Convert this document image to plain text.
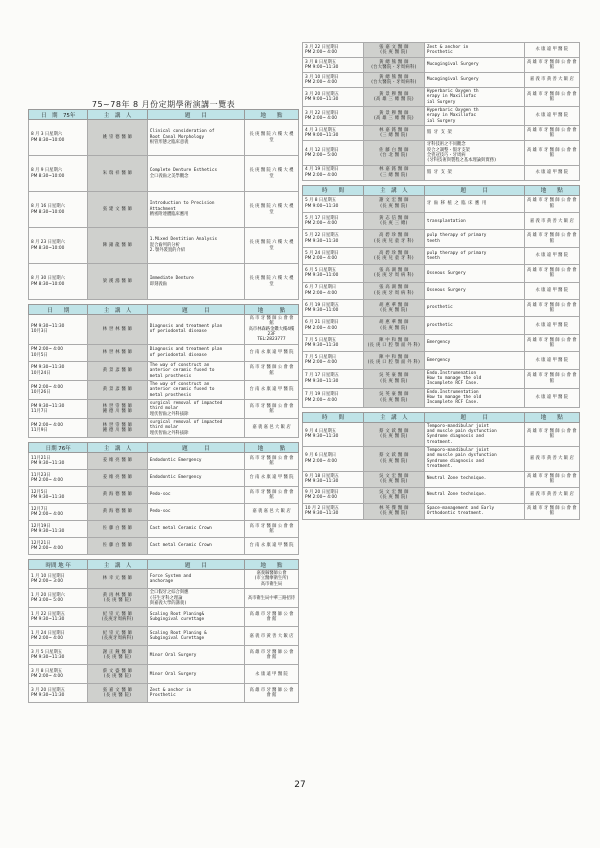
75~78年 8 月份定期學術演講一覽表
日　期　75年	主　講　人	題　　目	地　　點
8 月 3 日星期六
PM 8:30~10:00	姚 崇 德 醫 師	Clinical consideration of
Root Canal Morphology
根管形態之臨床意義	長 庚 醫 院 六 樓 大 禮 堂
8 月 9 日星期六
PM 8:30~10:00	朱 瑞 祥 醫 師	Complete Denture Esthetics
全口義齒之美學觀念	長 庚 醫 院 六 樓 大 禮 堂
8 月 16 日星期六
PM 8:30~10:00	張 建 文 醫 師	Introduction to Precision
Attachment
精密附連體臨床應用	長 庚 醫 院 六 樓 大 禮 堂
8 月 23 日星期六
PM 8:30~10:00	陳 錦 龍 醫 師	1.Mixed Dentition Analysis
混合齒列的分析
2.顎外裝置的介紹	長 庚 醫 院 六 樓 大 禮 堂
8 月 30 日星期六
PM 8:30~10:00	梁 漢 鴻 醫 師	Immediate Denture
即刻義齒	長 庚 醫 院 六 樓 大 禮 堂
日　　期	主　講　人	題　　　目	地　　　點
PM 9:30~11:30
10月3日	林 世 林 醫 師	Diagnosis and treatment plan
of periodontal disease	高 市 牙 醫 師 公 會 會 館
高市林森路金鑽大樓4樓23F
TEL:2823777
PM 2:00~ 4:00
10月5日	林 世 林 醫 師	Diagnosis and treatment plan
of periodontal disease	台 南 永 康 遠 甲 醫 院
PM 9:30~11:30
10月24日	黃 景 彥 醫 師	The way of construct an
anterior ceramic fused to
metal prosthesis	高 市 牙 醫 師 公 會 會 館
PM 2:00~ 4:00
10月26日	黃 景 彥 醫 師	The way of construct an
anterior ceramic fused to
metal prosthesis	台 南 永 康 遠 甲 醫 院
PM 9:30~11:30
11月7日	林 世 崇 醫 師
鍾 德 川 醫 師	surgical removal of impacted
third molar
埋伏智齒之外科拔除	高 市 牙 醫 師 公 會 會 館
PM 2:00~ 4:00
11月9日	林 世 崇 醫 師
鍾 德 川 醫 師	surgical removal of impacted
third molar
埋伏智齒之外科拔除	嘉 義 嘉 邑 大 飯 店
日期 76年	主　講　人	題　　　目	地　　　點
11月21日
PM 9:30~11:30	姜 維 亮 醫 師	Endodontic Emergency	高 市 牙 醫 師 公 會 會 館
11月23日
PM 2:00~ 4:00	姜 維 亮 醫 師	Endodontic Emergency	台 南 永 康 遠 甲 醫 院
12月5日
PM 9:30~11:30	黃 海 德 醫 師	Pedo-soc	高 市 牙 醫 師 公 會 會 館
12月7日
PM 2:00~ 4:00	黃 海 德 醫 師	Pedo-soc	嘉 義 嘉 邑 大 飯 店
12月19日
PM 9:30~11:30	佐 藤 白 醫 師	Cast metal Ceramic Crown	高 市 牙 醫 師 公 會 會 館
12月21日
PM 2:00~ 4:00	佐 藤 白 醫 師	Cast metal Ceramic Crown	台 南 永 康 遠 甲 醫 院
時間 地 年	主　講　人	題　　目	地　　點
1 月 10 日星期日
PM 2:00~ 3:00	林 幸 元 醫 師	Force System and
anchorage	嘉義縣醫師公會
(市立醫療衛生所)
高市衛生局
1 月 20 日星期六
PM 3:00~ 5:00	黃 再 林 醫 師
(長 庚 醫 院)	全口假牙之綜合與應
(芬生牙科之理論
與嘉義大學的講義)	高市衛生局中華三路招待
1 月 22 日星期五
PM 9:30~11:30	紀 崇 元 醫 師
(長庚牙周病科)	Scaling Root Planing&
Subgingival curettage	高 雄 市 牙 醫 師 公 會 會 館
1 月 24 日星期日
PM 2:00~ 4:00	紀 崇 元 醫 師
(長庚牙周病科)	Scaling Root Planing &
Subgingival Curettage	嘉 義 市 黃 善 大 飯 店
3 月 5 日星期五
PM 9:30~11:30	謝 正 鐘 醫 師
(長 庚 醫 院)	Minor Oral Surgery	高 雄 市 牙 醫 師 公 會 會 館
3 月 8 日星期五
PM 2:00~ 4:00	蔡 文 盛 醫 師
(長 庚 醫 院)	Minor Oral Surgery	永 康 遠 甲 醫 院
3 月 20 日星期五
PM 9:30~11:30	張 嘉 文 醫 師
(長 庚 醫 院)	Zest & anchor in
Prosthetic	高 雄 市 牙 醫 師 公 會 會 館
3 月 22 日星期日
PM 2:00~ 4:00	張 嘉 文 醫 師
(長 庚 醫 院)	Zest & anchor in
Prosthetic	永 康 遠 甲 醫 院
3 月 8 日星期五
PM 9:00~11:30	黃 總 熊 醫 師
(台大醫院・牙周病科)	Mucogingival Surgery	高 雄 市 牙 醫 師 公 會 會 館
3 月 10 日星期日
PM 2:00~ 4:00	黃 總 熊 醫 師
(台大醫院・牙周病科)	Mucogingival Surgery	嘉 義 市 黃 善 大 飯 店
3 月 20 日星期五
PM 9:00~11:30	黃 景 穆 醫 師
(高 雄 三 總 醫 院)	Hyperbaric Oxygen th
erapy in Maxillofac
ial Surgery	高 雄 市 牙 醫 師 公 會 會 館
3 月 22 日星期日
PM 2:00~ 4:00	黃 景 穆 醫 師
(高 雄 三 總 醫 院)	Hyperbaric Oxygen th
erapy in Maxillofac
ial Surgery	永 康 遠 甲 醫 院
4 月 3 日星期五
PM 9:00~11:30	林 嘉 銘 醫 師
(三 總 醫 院)	假 牙 支 架	高 雄 市 牙 醫 師 公 會 會 館
4 月 12 日星期日
PM 2:00~ 5:00	佐 藤 白 醫 師
(台 北 醫 院)	牙科技術之不同觀念
咬合之調整・假牙支架
全瓷冠技巧・牙周病
(牙科技術與製程之基本理論與實務)	高 雄 市 牙 醫 師 公 會 會 館
4 月 19 日星期日
PM 2:00~ 4:00	林 嘉 銘 醫 師
(三 總 醫 院)	假 牙 支 架	永 康 遠 甲 醫 院
時　　間	主　講　人	題　　　目	地　　點
5 月 8 日星期五
PM 9:00~11:30	謝 文 宏 醫 師
(長 庚 醫 院)	牙 齒 移 植 之 臨 床 應 用	高 雄 市 牙 醫 師 公 會 會 館
5 月 17 日星期日
PM 2:00~ 4:00	黃 志 信 醫 師
(長 庚 三 總)	transplantation	嘉 義 市 黃 善 大 飯 店
5 月 22 日星期五
PM 9:30~11:30	高 碧 珍 醫 師
(長 庚 兒 童 牙 科)	pulp therapy of primary
teeth	高 雄 市 牙 醫 師 公 會 會 館
5 月 24 日星期日
PM 2:00~ 4:00	高 碧 珍 醫 師
(長 庚 兒 童 牙 科)	pulp therapy of primary
teeth	永 康 遠 甲 醫 院
6 月 5 日星期五
PM 9:30~11:00	張 高 湖 醫 師
(長 庚 牙 周 病 科)	Osseous Surgery	高 雄 市 牙 醫 師 公 會 會 館
6 月 7 日星期日
PM 2:00~ 4:00	張 高 湖 醫 師
(長 庚 牙 周 病 科)	Osseous Surgery	永 康 遠 甲 醫 院
6 月 19 日星期五
PM 9:30~11:00	胡 惠 華 醫 師
(長 庚 醫 院)	prosthetic	高 雄 市 牙 醫 師 公 會 會 館
6 月 21 日星期日
PM 2:00~ 4:00	胡 惠 華 醫 師
(長 庚 醫 院)	prosthetic	永 康 遠 甲 醫 院
7 月 5 日星期五
PM 9:30~11:30	陳 中 和 醫 師
(長 庚 口 腔 顎 面 外 科)	Emergency	高 雄 市 牙 醫 師 公 會 會 館
7 月 5 日星期日
PM 2:00~ 4:00	陳 中 和 醫 師
(長 庚 口 腔 顎 面 外 科)	Emergency	永 康 遠 甲 醫 院
7 月 17 日星期五
PM 9:30~11:30	吳 英 豪 醫 師
(長 庚 醫 院)	Endo.Instrumenation
How to manage the old
Incomplete RCF Case.	高 雄 市 牙 醫 師 公 會 會 館
7 月 19 日星期日
PM 2:00~ 4:00	吳 英 豪 醫 師
(長 庚 醫 院)	Endo.Instrumentation
How to manage the old
Incomplete RCF Case.	永 康 遠 甲 醫 院
時　　間	主　講　人	題　　　目	地　　點
9 月 4 日星期五
PM 9:30~11:30	蔡 文 欽 醫 師
(長 庚 醫 院)	Temporo-mandibular joint
and muscle pain dysfunction
Syndrome diagnosis and
treatment.	高 雄 市 牙 醫 師 公 會 會 館
9 月 6 日星期日
PM 2:00~ 4:00	蔡 文 欽 醫 師
(長 庚 醫 院)	Temporo-mandibular joint
and muscle pain dysfunction
Syndrome diagnosis and
treatment.	嘉 義 市 黃 善 大 飯 店
9 月 18 日星期五
PM 9:30~11:30	吳 文 宏 醫 師
(長 庚 醫 院)	Neutral Zone technique.	高 雄 市 牙 醫 師 公 會 會 館
9 月 20 日星期日
PM 2:00~ 4:00	吳 文 宏 醫 師
(長 庚 醫 院)	Neutral Zone technique.	嘉 義 市 黃 善 大 飯 店
10 月 2 日星期五
PM 9:30~11:30	林 英 傑 醫 師
(長 庚 醫 院)	Space-management and Early
Orthodontic treatment.	高 雄 市 牙 醫 師 公 會 會 館
27
